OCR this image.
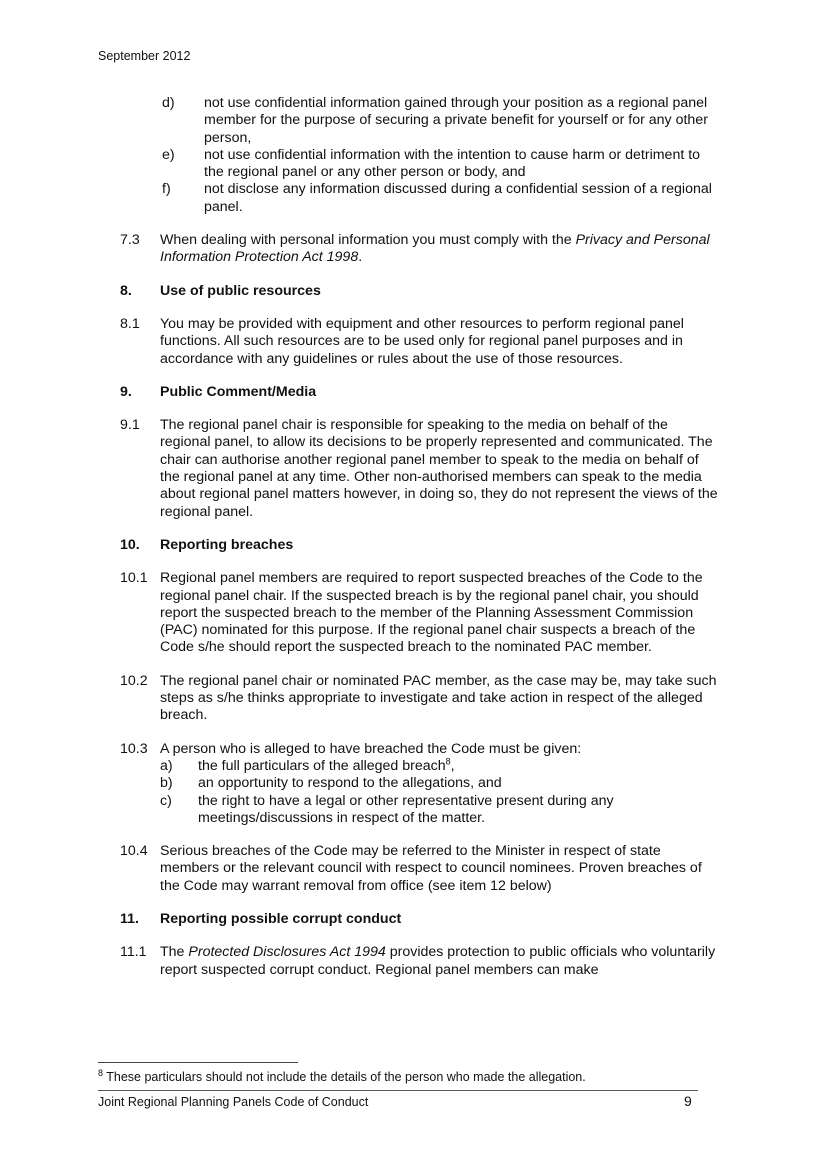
September 2012
d)	not use confidential information gained through your position as a regional panel member for the purpose of securing a private benefit for yourself or for any other person,
e)	not use confidential information with the intention to cause harm or detriment to the regional panel or any other person or body, and
f)	not disclose any information discussed during a confidential session of a regional panel.
7.3	When dealing with personal information you must comply with the Privacy and Personal Information Protection Act 1998.
8.	Use of public resources
8.1	You may be provided with equipment and other resources to perform regional panel functions. All such resources are to be used only for regional panel purposes and in accordance with any guidelines or rules about the use of those resources.
9.	Public Comment/Media
9.1	The regional panel chair is responsible for speaking to the media on behalf of the regional panel, to allow its decisions to be properly represented and communicated. The chair can authorise another regional panel member to speak to the media on behalf of the regional panel at any time. Other non-authorised members can speak to the media about regional panel matters however, in doing so, they do not represent the views of the regional panel.
10.	Reporting breaches
10.1 Regional panel members are required to report suspected breaches of the Code to the regional panel chair. If the suspected breach is by the regional panel chair, you should report the suspected breach to the member of the Planning Assessment Commission (PAC) nominated for this purpose. If the regional panel chair suspects a breach of the Code s/he should report the suspected breach to the nominated PAC member.
10.2 The regional panel chair or nominated PAC member, as the case may be, may take such steps as s/he thinks appropriate to investigate and take action in respect of the alleged breach.
10.3 A person who is alleged to have breached the Code must be given:
a)	the full particulars of the alleged breach$^8$,
b)	an opportunity to respond to the allegations, and
c)	the right to have a legal or other representative present during any meetings/discussions in respect of the matter.
10.4 Serious breaches of the Code may be referred to the Minister in respect of state members or the relevant council with respect to council nominees. Proven breaches of the Code may warrant removal from office (see item 12 below)
11.	Reporting possible corrupt conduct
11.1 The Protected Disclosures Act 1994 provides protection to public officials who voluntarily report suspected corrupt conduct. Regional panel members can make
$^8$ These particulars should not include the details of the person who made the allegation.
Joint Regional Planning Panels Code of Conduct	9
